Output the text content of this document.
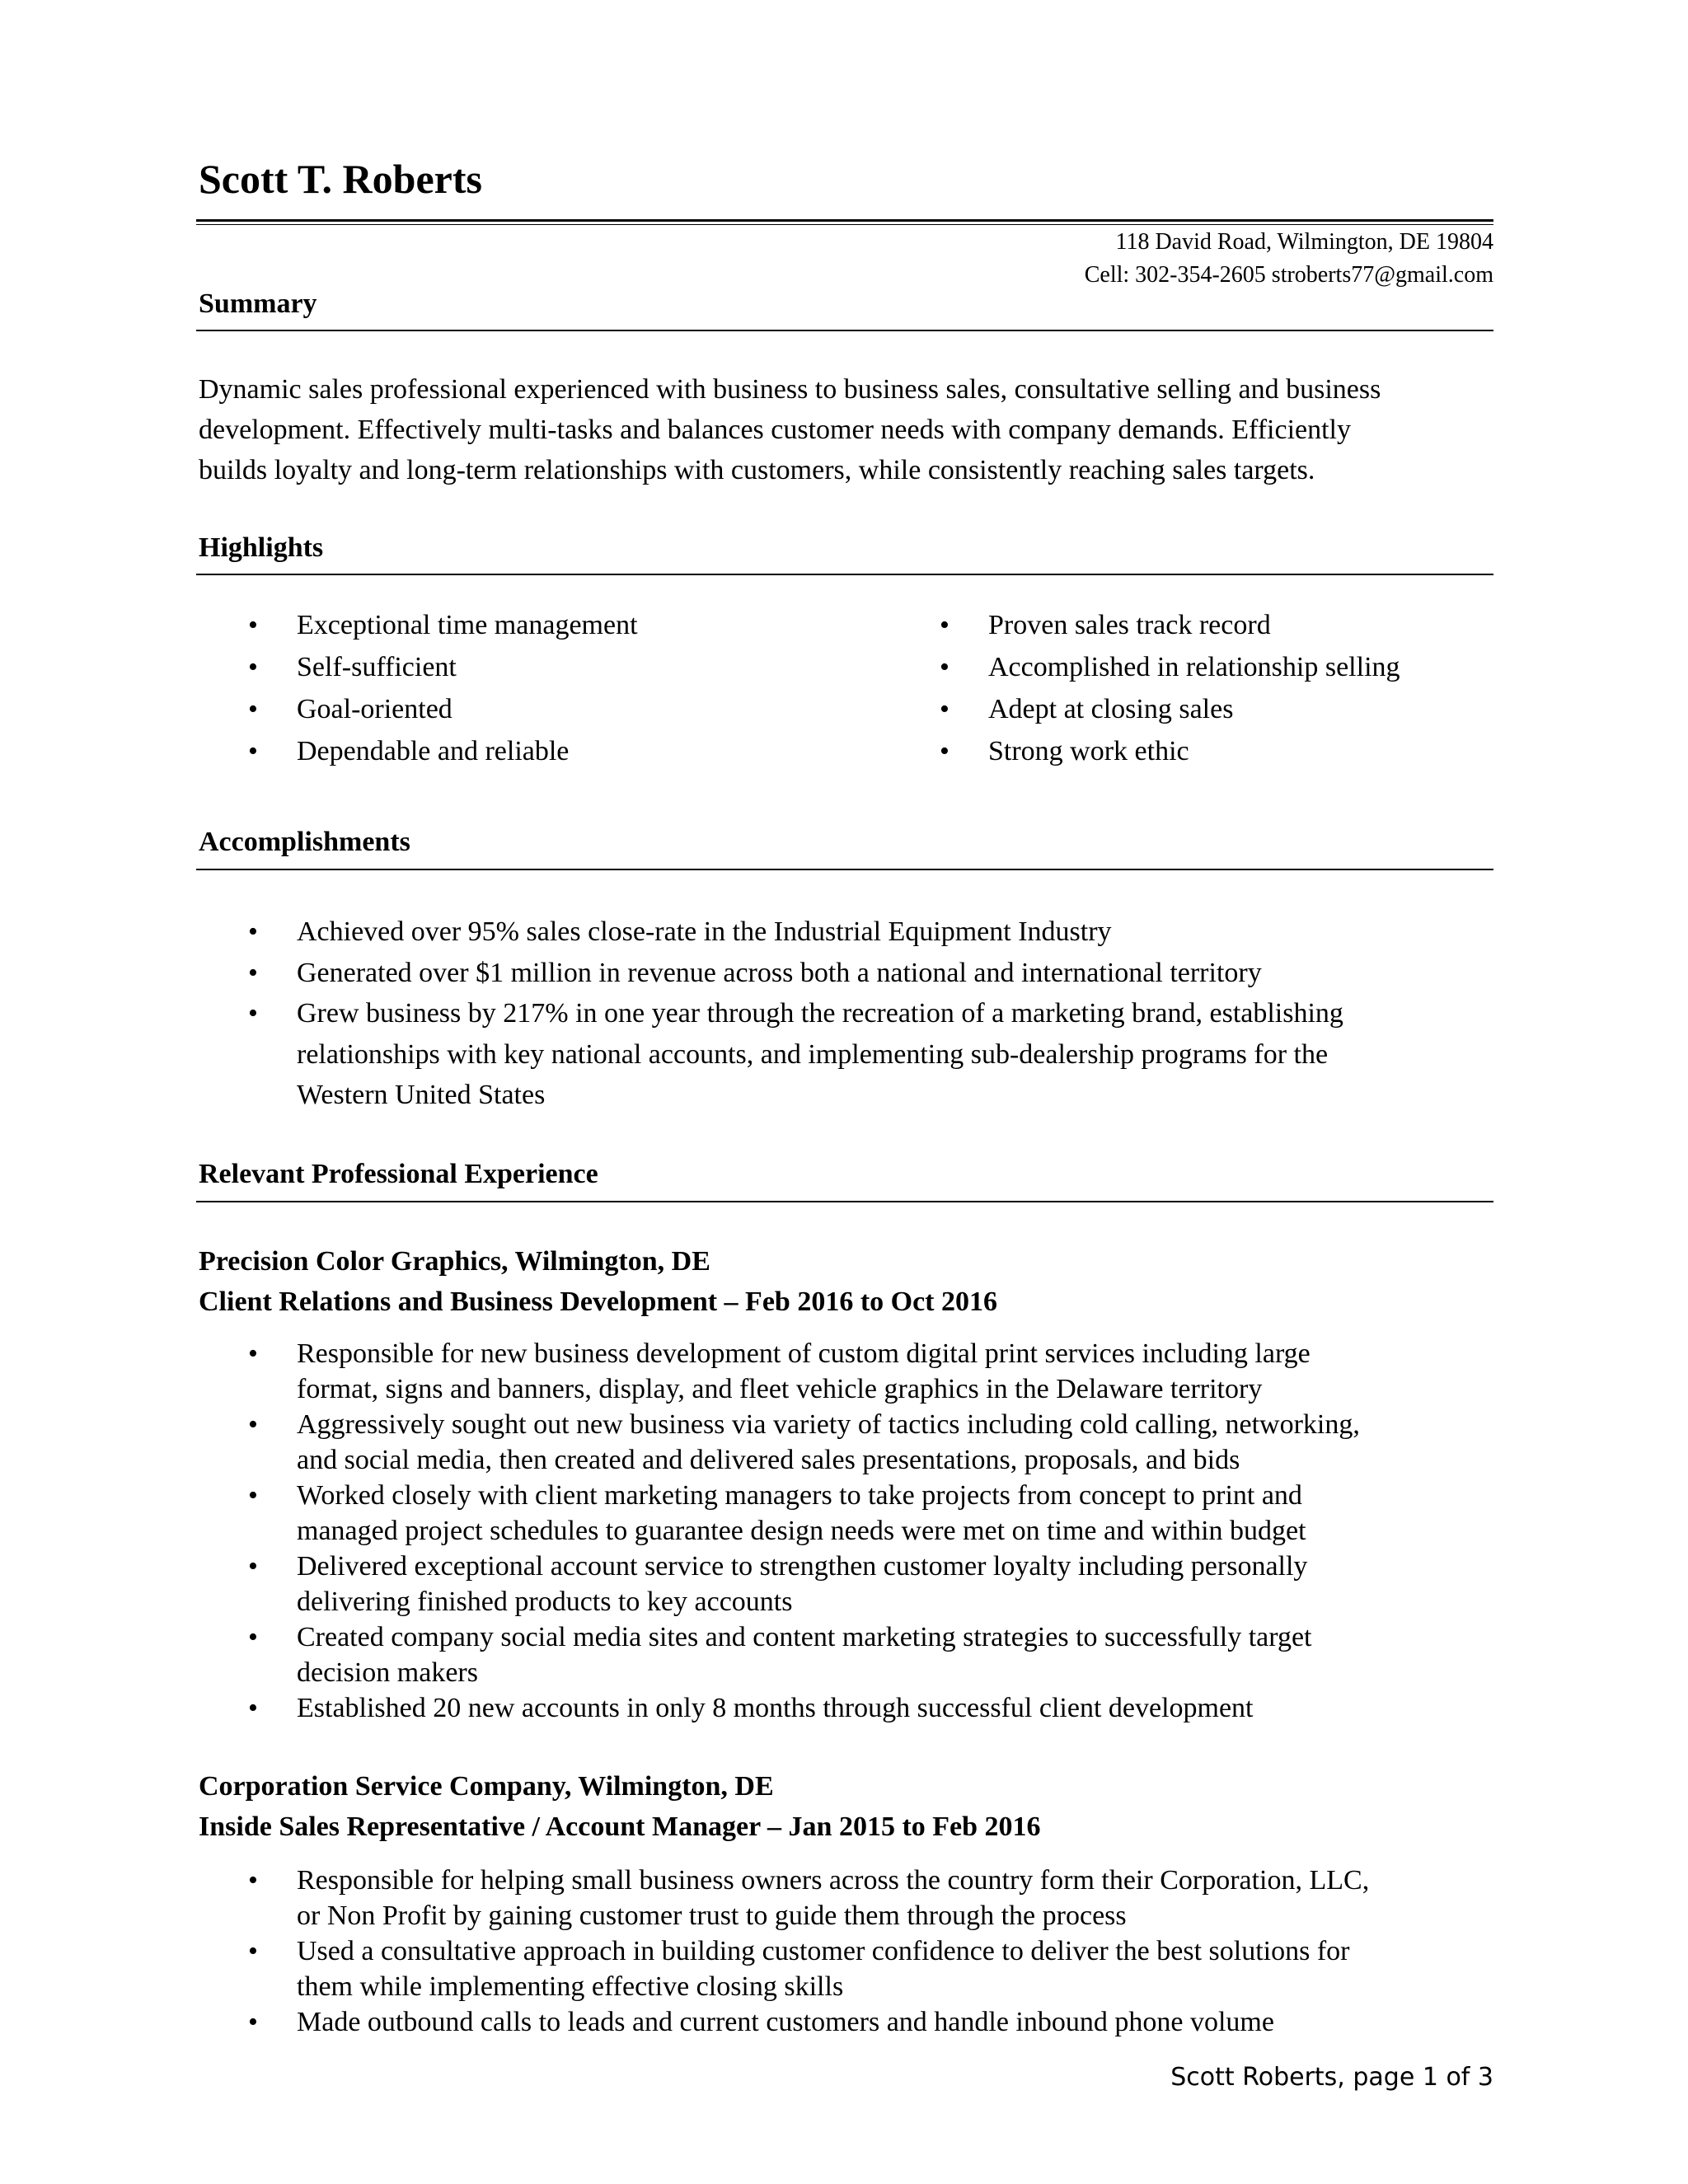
Scott T. Roberts
118 David Road, Wilmington, DE 19804
Cell: 302-354-2605 stroberts77@gmail.com
Summary
Dynamic sales professional experienced with business to business sales, consultative selling and business
development. Effectively multi-tasks and balances customer needs with company demands. Efficiently
builds loyalty and long-term relationships with customers, while consistently reaching sales targets.
Highlights
• Exceptional time management
• Self-sufficient
• Goal-oriented
• Dependable and reliable
• Proven sales track record
• Accomplished in relationship selling
• Adept at closing sales
• Strong work ethic
Accomplishments
• Achieved over 95% sales close-rate in the Industrial Equipment Industry
• Generated over $1 million in revenue across both a national and international territory
• Grew business by 217% in one year through the recreation of a marketing brand, establishing
relationships with key national accounts, and implementing sub-dealership programs for the
Western United States
Relevant Professional Experience
Precision Color Graphics, Wilmington, DE
Client Relations and Business Development – Feb 2016 to Oct 2016
• Responsible for new business development of custom digital print services including large
format, signs and banners, display, and fleet vehicle graphics in the Delaware territory
• Aggressively sought out new business via variety of tactics including cold calling, networking,
and social media, then created and delivered sales presentations, proposals, and bids
• Worked closely with client marketing managers to take projects from concept to print and
managed project schedules to guarantee design needs were met on time and within budget
• Delivered exceptional account service to strengthen customer loyalty including personally
delivering finished products to key accounts
• Created company social media sites and content marketing strategies to successfully target
decision makers
• Established 20 new accounts in only 8 months through successful client development
Corporation Service Company, Wilmington, DE
Inside Sales Representative / Account Manager – Jan 2015 to Feb 2016
• Responsible for helping small business owners across the country form their Corporation, LLC,
or Non Profit by gaining customer trust to guide them through the process
• Used a consultative approach in building customer confidence to deliver the best solutions for
them while implementing effective closing skills
• Made outbound calls to leads and current customers and handle inbound phone volume
Scott Roberts, page 1 of 3
